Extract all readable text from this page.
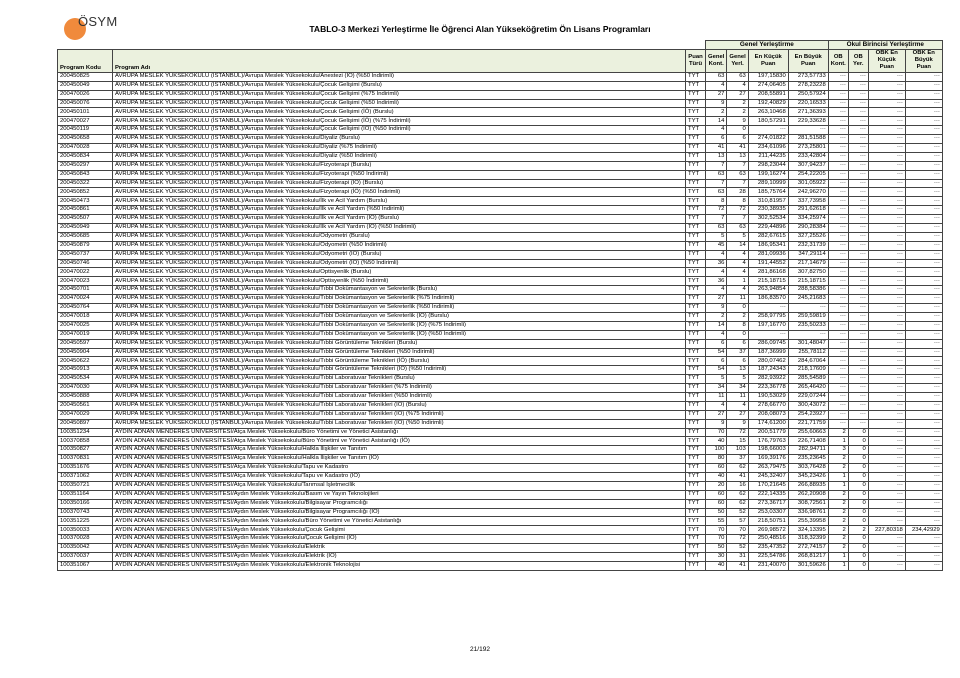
ÖSYM	TABLO-3 Merkezi Yerleştirme İle Öğrenci Alan Yükseköğretim Ön Lisans Programları
			Genel Yerleştirme				Okul Birincisi Yerleştirme			
Program Kodu	Program Adı	Puan Türü	Genel Kont.	Genel Yerl.	En Küçük Puan	En Büyük Puan	OB Kont.	OB Yer.	OBK En Küçük Puan	OBK En Büyük Puan
200450825	AVRUPA MESLEK YÜKSEKOKULU (İSTANBUL)/Avrupa Meslek Yüksekokulu/Anestezi (İÖ) (%50 İndirimli)	TYT	63	63	197,15830	273,57733	---	---	---	---
200450049	AVRUPA MESLEK YÜKSEKOKULU (İSTANBUL)/Avrupa Meslek Yüksekokulu/Çocuk Gelişimi (Burslu)	TYT	4	4	274,06405	278,23228	---	---	---	---
200470026	AVRUPA MESLEK YÜKSEKOKULU (İSTANBUL)/Avrupa Meslek Yüksekokulu/Çocuk Gelişimi (%75 İndirimli)	TYT	27	27	208,55891	250,57924	---	---	---	---
200450076	AVRUPA MESLEK YÜKSEKOKULU (İSTANBUL)/Avrupa Meslek Yüksekokulu/Çocuk Gelişimi (%50 İndirimli)	TYT	9	2	192,40829	220,16533	---	---	---	---
200450101	AVRUPA MESLEK YÜKSEKOKULU (İSTANBUL)/Avrupa Meslek Yüksekokulu/Çocuk Gelişimi (İÖ) (Burslu)	TYT	2	2	263,10468	271,36393	---	---	---	---
200470027	AVRUPA MESLEK YÜKSEKOKULU (İSTANBUL)/Avrupa Meslek Yüksekokulu/Çocuk Gelişimi (İÖ) (%75 İndirimli)	TYT	14	9	180,57291	229,33628	---	---	---	---
200450119	AVRUPA MESLEK YÜKSEKOKULU (İSTANBUL)/Avrupa Meslek Yüksekokulu/Çocuk Gelişimi (İÖ) (%50 İndirimli)	TYT	4	0	---	---	---	---	---	---
200450658	AVRUPA MESLEK YÜKSEKOKULU (İSTANBUL)/Avrupa Meslek Yüksekokulu/Diyaliz (Burslu)	TYT	6	6	274,01822	281,51588	---	---	---	---
200470028	AVRUPA MESLEK YÜKSEKOKULU (İSTANBUL)/Avrupa Meslek Yüksekokulu/Diyaliz (%75 İndirimli)	TYT	41	41	234,61096	273,25801	---	---	---	---
200450834	AVRUPA MESLEK YÜKSEKOKULU (İSTANBUL)/Avrupa Meslek Yüksekokulu/Diyaliz (%50 İndirimli)	TYT	13	13	211,44235	233,42804	---	---	---	---
200450297	AVRUPA MESLEK YÜKSEKOKULU (İSTANBUL)/Avrupa Meslek Yüksekokulu/Fizyoterapi (Burslu)	TYT	7	7	298,23044	307,94237	---	---	---	---
200450843	AVRUPA MESLEK YÜKSEKOKULU (İSTANBUL)/Avrupa Meslek Yüksekokulu/Fizyoterapi (%50 İndirimli)	TYT	63	63	199,16274	254,22205	---	---	---	---
200450322	AVRUPA MESLEK YÜKSEKOKULU (İSTANBUL)/Avrupa Meslek Yüksekokulu/Fizyoterapi (İÖ) (Burslu)	TYT	7	7	289,10999	301,05922	---	---	---	---
200450852	AVRUPA MESLEK YÜKSEKOKULU (İSTANBUL)/Avrupa Meslek Yüksekokulu/Fizyoterapi (İÖ) (%50 İndirimli)	TYT	63	28	185,75764	242,96270	---	---	---	---
200450473	AVRUPA MESLEK YÜKSEKOKULU (İSTANBUL)/Avrupa Meslek Yüksekokulu/İlk ve Acil Yardım (Burslu)	TYT	8	8	310,81957	337,73958	---	---	---	---
200450861	AVRUPA MESLEK YÜKSEKOKULU (İSTANBUL)/Avrupa Meslek Yüksekokulu/İlk ve Acil Yardım (%50 İndirimli)	TYT	72	72	230,38935	291,62618	---	---	---	---
200450507	AVRUPA MESLEK YÜKSEKOKULU (İSTANBUL)/Avrupa Meslek Yüksekokulu/İlk ve Acil Yardım (İÖ) (Burslu)	TYT	7	7	302,52534	334,25974	---	---	---	---
200450949	AVRUPA MESLEK YÜKSEKOKULU (İSTANBUL)/Avrupa Meslek Yüksekokulu/İlk ve Acil Yardım (İÖ) (%50 İndirimli)	TYT	63	63	229,44896	290,28384	---	---	---	---
200450685	AVRUPA MESLEK YÜKSEKOKULU (İSTANBUL)/Avrupa Meslek Yüksekokulu/Odyometri (Burslu)	TYT	5	5	282,67615	327,25526	---	---	---	---
200450879	AVRUPA MESLEK YÜKSEKOKULU (İSTANBUL)/Avrupa Meslek Yüksekokulu/Odyometri (%50 İndirimli)	TYT	45	14	186,95341	232,31739	---	---	---	---
200450737	AVRUPA MESLEK YÜKSEKOKULU (İSTANBUL)/Avrupa Meslek Yüksekokulu/Odyometri (İÖ) (Burslu)	TYT	4	4	281,09936	347,29114	---	---	---	---
200450746	AVRUPA MESLEK YÜKSEKOKULU (İSTANBUL)/Avrupa Meslek Yüksekokulu/Odyometri (İÖ) (%50 İndirimli)	TYT	36	4	191,44552	217,14679	---	---	---	---
200470022	AVRUPA MESLEK YÜKSEKOKULU (İSTANBUL)/Avrupa Meslek Yüksekokulu/Optisyenlik (Burslu)	TYT	4	4	281,86168	307,82750	---	---	---	---
200470023	AVRUPA MESLEK YÜKSEKOKULU (İSTANBUL)/Avrupa Meslek Yüksekokulu/Optisyenlik (%50 İndirimli)	TYT	36	1	215,18715	215,18715	---	---	---	---
200450701	AVRUPA MESLEK YÜKSEKOKULU (İSTANBUL)/Avrupa Meslek Yüksekokulu/Tıbbi Dokümantasyon ve Sekreterlik (Burslu)	TYT	4	4	263,94854	288,58386	---	---	---	---
200470024	AVRUPA MESLEK YÜKSEKOKULU (İSTANBUL)/Avrupa Meslek Yüksekokulu/Tıbbi Dokümantasyon ve Sekreterlik (%75 İndirimli)	TYT	27	11	186,83570	245,21683	---	---	---	---
200450764	AVRUPA MESLEK YÜKSEKOKULU (İSTANBUL)/Avrupa Meslek Yüksekokulu/Tıbbi Dokümantasyon ve Sekreterlik (%50 İndirimli)	TYT	9	0	---	---	---	---	---	---
200470018	AVRUPA MESLEK YÜKSEKOKULU (İSTANBUL)/Avrupa Meslek Yüksekokulu/Tıbbi Dokümantasyon ve Sekreterlik (İÖ) (Burslu)	TYT	2	2	258,97795	259,59819	---	---	---	---
200470025	AVRUPA MESLEK YÜKSEKOKULU (İSTANBUL)/Avrupa Meslek Yüksekokulu/Tıbbi Dokümantasyon ve Sekreterlik (İÖ) (%75 İndirimli)	TYT	14	8	197,16770	235,50233	---	---	---	---
200470019	AVRUPA MESLEK YÜKSEKOKULU (İSTANBUL)/Avrupa Meslek Yüksekokulu/Tıbbi Dokümantasyon ve Sekreterlik (İÖ) (%50 İndirimli)	TYT	4	0	---	---	---	---	---	---
200450597	AVRUPA MESLEK YÜKSEKOKULU (İSTANBUL)/Avrupa Meslek Yüksekokulu/Tıbbi Görüntüleme Teknikleri (Burslu)	TYT	6	6	286,09745	301,48047	---	---	---	---
200450904	AVRUPA MESLEK YÜKSEKOKULU (İSTANBUL)/Avrupa Meslek Yüksekokulu/Tıbbi Görüntüleme Teknikleri (%50 İndirimli)	TYT	54	37	187,36999	255,78112	---	---	---	---
200450622	AVRUPA MESLEK YÜKSEKOKULU (İSTANBUL)/Avrupa Meslek Yüksekokulu/Tıbbi Görüntüleme Teknikleri (İÖ) (Burslu)	TYT	6	6	280,07462	284,67064	---	---	---	---
200450913	AVRUPA MESLEK YÜKSEKOKULU (İSTANBUL)/Avrupa Meslek Yüksekokulu/Tıbbi Görüntüleme Teknikleri (İÖ) (%50 İndirimli)	TYT	54	13	187,24343	218,17609	---	---	---	---
200450534	AVRUPA MESLEK YÜKSEKOKULU (İSTANBUL)/Avrupa Meslek Yüksekokulu/Tıbbi Laboratuvar Teknikleri (Burslu)	TYT	5	5	282,93922	285,54589	---	---	---	---
200470030	AVRUPA MESLEK YÜKSEKOKULU (İSTANBUL)/Avrupa Meslek Yüksekokulu/Tıbbi Laboratuvar Teknikleri (%75 İndirimli)	TYT	34	34	223,36778	265,46420	---	---	---	---
200450888	AVRUPA MESLEK YÜKSEKOKULU (İSTANBUL)/Avrupa Meslek Yüksekokulu/Tıbbi Laboratuvar Teknikleri (%50 İndirimli)	TYT	11	11	190,53029	229,07244	---	---	---	---
200450561	AVRUPA MESLEK YÜKSEKOKULU (İSTANBUL)/Avrupa Meslek Yüksekokulu/Tıbbi Laboratuvar Teknikleri (İÖ) (Burslu)	TYT	4	4	278,66770	300,43072	---	---	---	---
200470029	AVRUPA MESLEK YÜKSEKOKULU (İSTANBUL)/Avrupa Meslek Yüksekokulu/Tıbbi Laboratuvar Teknikleri (İÖ) (%75 İndirimli)	TYT	27	27	208,08073	254,23927	---	---	---	---
200450897	AVRUPA MESLEK YÜKSEKOKULU (İSTANBUL)/Avrupa Meslek Yüksekokulu/Tıbbi Laboratuvar Teknikleri (İÖ) (%50 İndirimli)	TYT	9	9	174,61200	221,71759	---	---	---	---
100351234	AYDIN ADNAN MENDERES ÜNİVERSİTESİ/Atça Meslek Yüksekokulu/Büro Yönetimi ve Yönetici Asistanlığı	TYT	70	72	200,51779	255,60663	2	0	---	---
100370858	AYDIN ADNAN MENDERES ÜNİVERSİTESİ/Atça Meslek Yüksekokulu/Büro Yönetimi ve Yönetici Asistanlığı (İÖ)	TYT	40	15	176,79763	226,71408	1	0	---	---
100350827	AYDIN ADNAN MENDERES ÜNİVERSİTESİ/Atça Meslek Yüksekokulu/Halkla İlişkiler ve Tanıtım	TYT	100	103	198,66003	282,94711	3	0	---	---
100370831	AYDIN ADNAN MENDERES ÜNİVERSİTESİ/Atça Meslek Yüksekokulu/Halkla İlişkiler ve Tanıtım (İÖ)	TYT	80	37	169,39176	235,23645	2	0	---	---
100351676	AYDIN ADNAN MENDERES ÜNİVERSİTESİ/Atça Meslek Yüksekokulu/Tapu ve Kadastro	TYT	60	62	263,79475	303,76428	2	0	---	---
100371062	AYDIN ADNAN MENDERES ÜNİVERSİTESİ/Atça Meslek Yüksekokulu/Tapu ve Kadastro (İÖ)	TYT	40	41	245,32407	345,23426	1	0	---	---
100350721	AYDIN ADNAN MENDERES ÜNİVERSİTESİ/Atça Meslek Yüksekokulu/Tarımsal İşletmecilik	TYT	20	16	170,21645	266,88935	1	0	---	---
100351164	AYDIN ADNAN MENDERES ÜNİVERSİTESİ/Aydın Meslek Yüksekokulu/Basım ve Yayın Teknolojileri	TYT	60	62	222,14335	262,20908	2	0	---	---
100350166	AYDIN ADNAN MENDERES ÜNİVERSİTESİ/Aydın Meslek Yüksekokulu/Bilgisayar Programcılığı	TYT	60	62	273,36717	308,72561	2	0	---	---
100370743	AYDIN ADNAN MENDERES ÜNİVERSİTESİ/Aydın Meslek Yüksekokulu/Bilgisayar Programcılığı (İÖ)	TYT	50	52	253,03307	336,98761	2	0	---	---
100351225	AYDIN ADNAN MENDERES ÜNİVERSİTESİ/Aydın Meslek Yüksekokulu/Büro Yönetimi ve Yönetici Asistanlığı	TYT	55	57	218,50751	255,39958	2	0	---	---
100350033	AYDIN ADNAN MENDERES ÜNİVERSİTESİ/Aydın Meslek Yüksekokulu/Çocuk Gelişimi	TYT	70	70	269,98572	324,13395	2	2	227,80318	234,42929
100370028	AYDIN ADNAN MENDERES ÜNİVERSİTESİ/Aydın Meslek Yüksekokulu/Çocuk Gelişimi (İÖ)	TYT	70	72	250,48516	318,32399	2	0	---	---
100350042	AYDIN ADNAN MENDERES ÜNİVERSİTESİ/Aydın Meslek Yüksekokulu/Elektrik	TYT	50	52	235,47352	272,74157	2	0	---	---
100370037	AYDIN ADNAN MENDERES ÜNİVERSİTESİ/Aydın Meslek Yüksekokulu/Elektrik (İÖ)	TYT	30	31	225,54786	268,81217	1	0	---	---
100351067	AYDIN ADNAN MENDERES ÜNİVERSİTESİ/Aydın Meslek Yüksekokulu/Elektronik Teknolojisi	TYT	40	41	231,40070	301,59626	1	0	---	---
21/192
